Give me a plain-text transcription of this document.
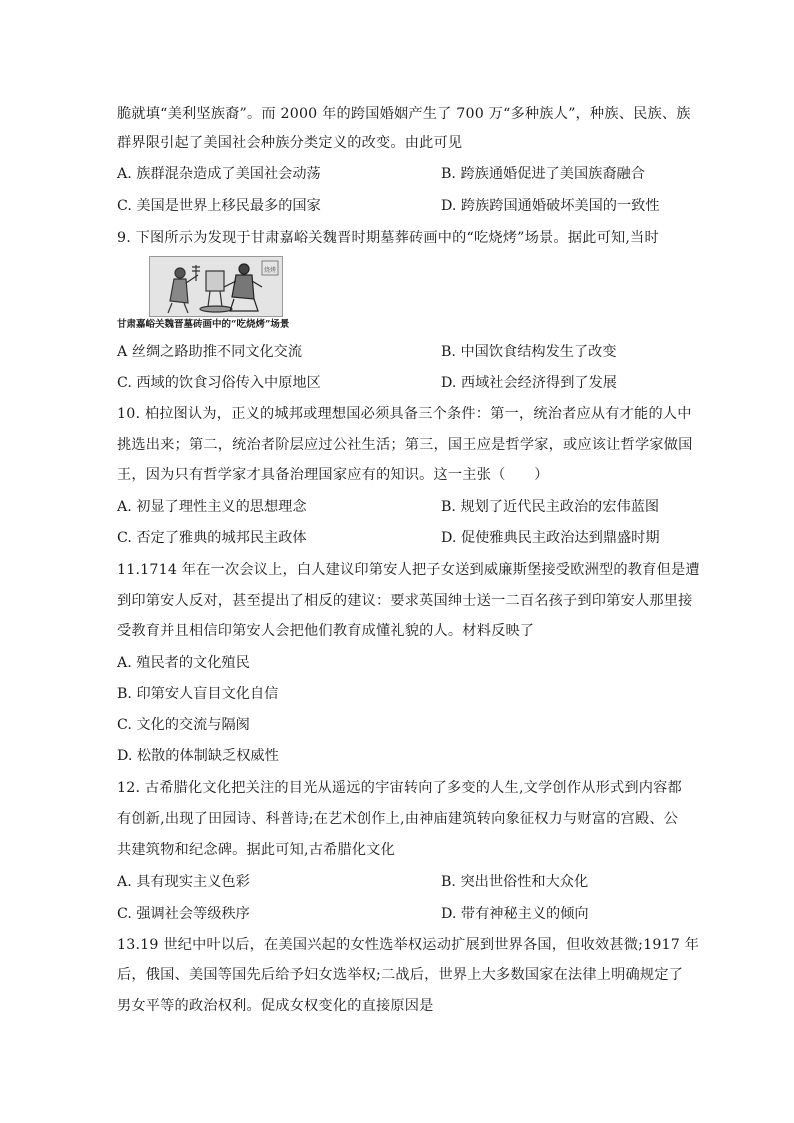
脆就填“美利坚族裔”。而 2000 年的跨国婚姻产生了 700 万“多种族人”，种族、民族、族
群界限引起了美国社会种族分类定义的改变。由此可见
A. 族群混杂造成了美国社会动荡	B. 跨族通婚促进了美国族裔融合
C. 美国是世界上移民最多的国家	D. 跨族跨国通婚破坏美国的一致性
9. 下图所示为发现于甘肃嘉峪关魏晋时期墓葬砖画中的“吃烧烤”场景。据此可知,当时
烧烤
甘肃嘉峪关魏晋墓砖画中的“吃烧烤”场景
A 丝绸之路助推不同文化交流	B. 中国饮食结构发生了改变
C. 西域的饮食习俗传入中原地区	D. 西域社会经济得到了发展
10. 柏拉图认为，正义的城邦或理想国必须具备三个条件：第一，统治者应从有才能的人中
挑选出来；第二，统治者阶层应过公社生活；第三，国王应是哲学家，或应该让哲学家做国
王，因为只有哲学家才具备治理国家应有的知识。这一主张（　　）
A. 初显了理性主义的思想理念	B. 规划了近代民主政治的宏伟蓝图
C. 否定了雅典的城邦民主政体	D. 促使雅典民主政治达到鼎盛时期
11.1714 年在一次会议上，白人建议印第安人把子女送到威廉斯堡接受欧洲型的教育但是遭
到印第安人反对，甚至提出了相反的建议：要求英国绅士送一二百名孩子到印第安人那里接
受教育并且相信印第安人会把他们教育成懂礼貌的人。材料反映了
A. 殖民者的文化殖民
B. 印第安人盲目文化自信
C. 文化的交流与隔阂
D. 松散的体制缺乏权威性
12. 古希腊化文化把关注的目光从遥远的宇宙转向了多变的人生,文学创作从形式到内容都
有创新,出现了田园诗、科普诗;在艺术创作上,由神庙建筑转向象征权力与财富的宫殿、公
共建筑物和纪念碑。据此可知,古希腊化文化
A. 具有现实主义色彩	B. 突出世俗性和大众化
C. 强调社会等级秩序	D. 带有神秘主义的倾向
13.19 世纪中叶以后，在美国兴起的女性选举权运动扩展到世界各国，但收效甚微;1917 年
后，俄国、美国等国先后给予妇女选举权;二战后，世界上大多数国家在法律上明确规定了
男女平等的政治权利。促成女权变化的直接原因是
